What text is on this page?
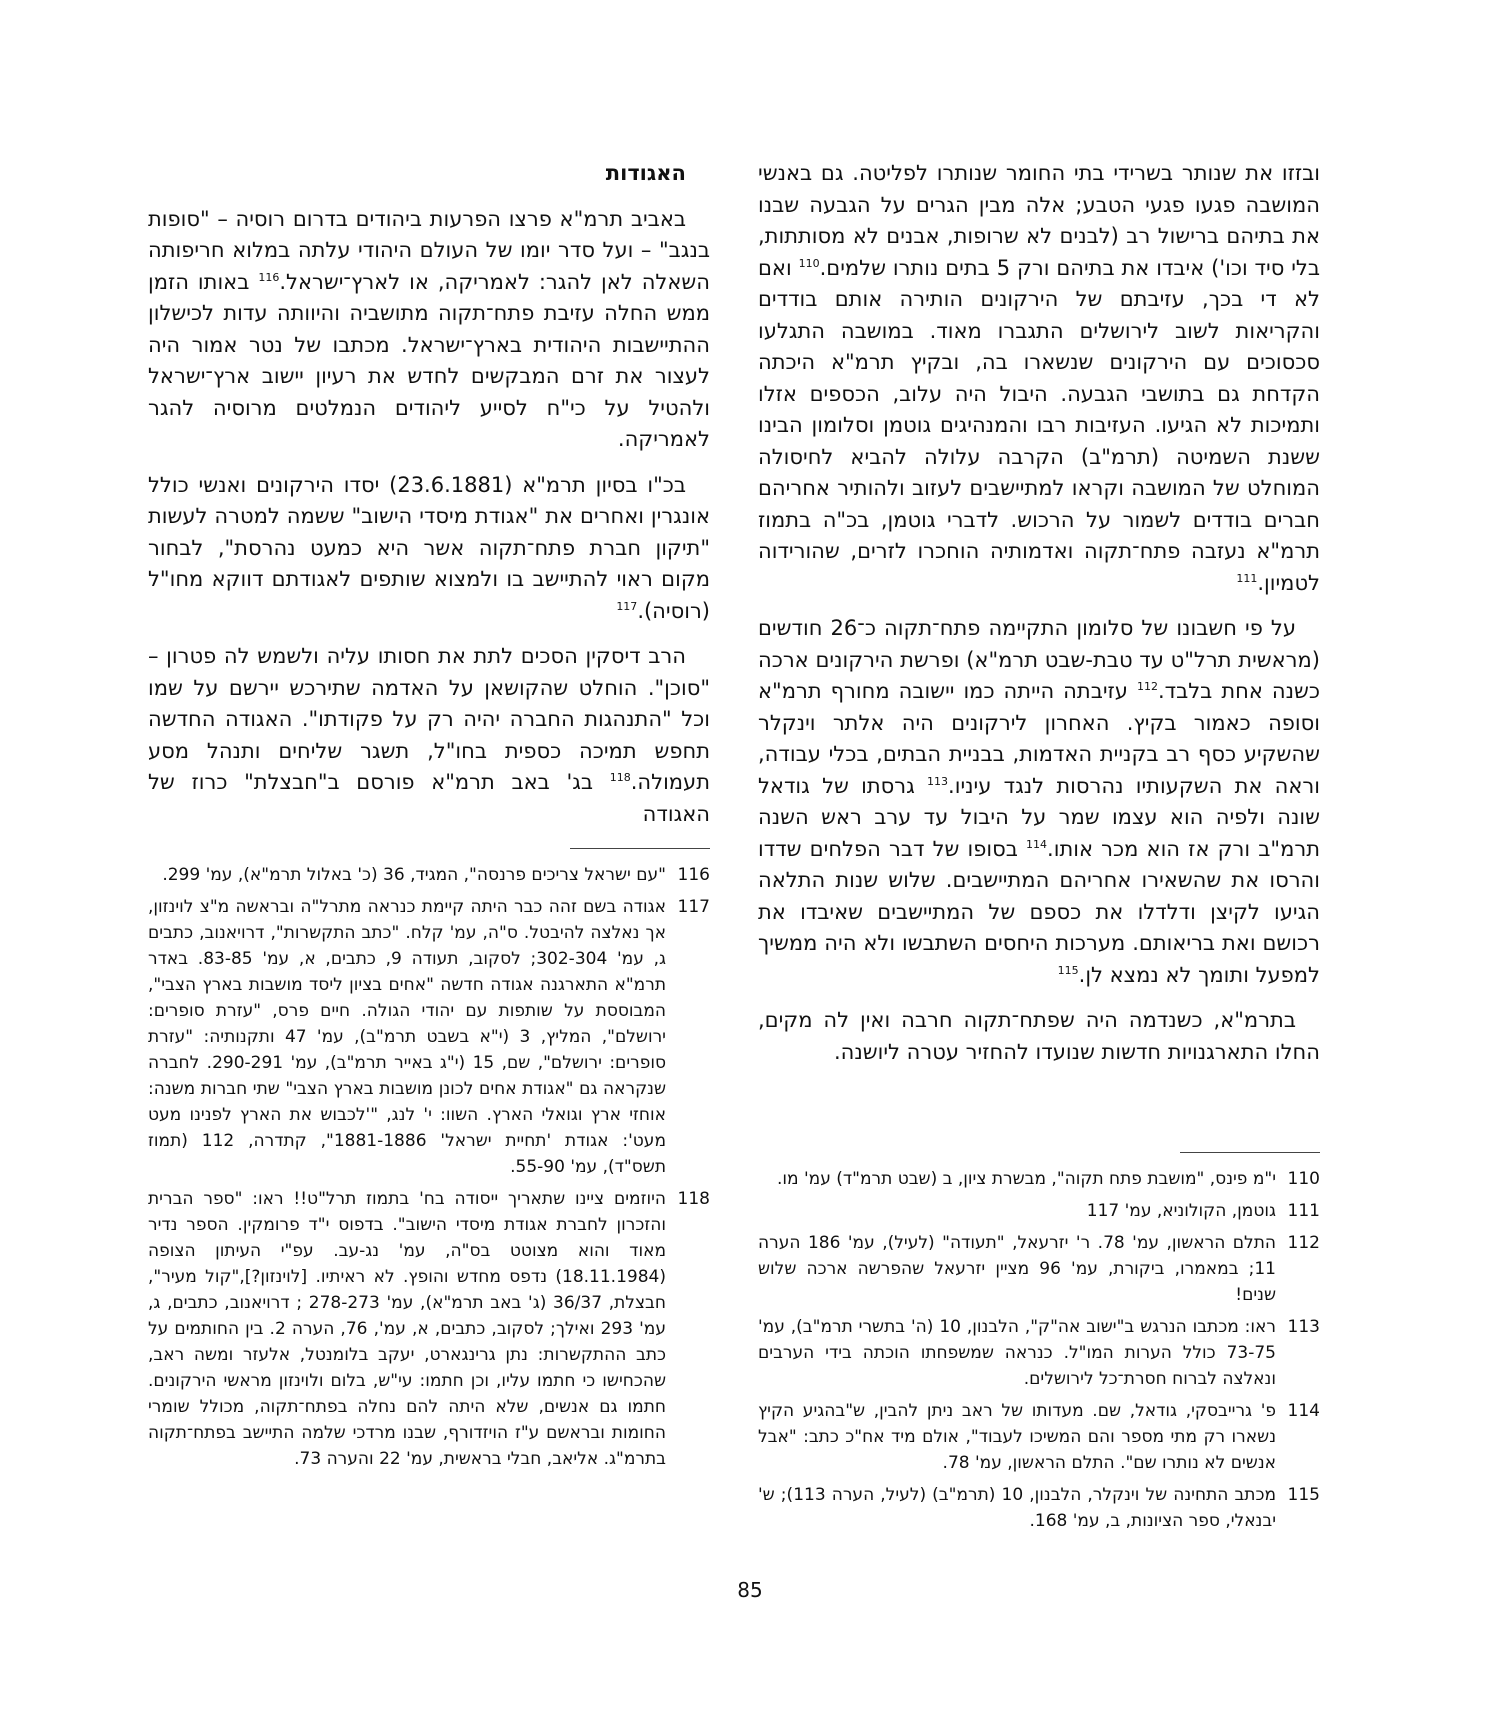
ובזזו את שנותר בשרידי בתי החומר שנותרו לפליטה. גם באנשי המושבה פגעו פגעי הטבע; אלה מבין הגרים על הגבעה שבנו את בתיהם ברישול רב (לבנים לא שרופות, אבנים לא מסותתות, בלי סיד וכו') איבדו את בתיהם ורק 5 בתים נותרו שלמים.$^{110}$ ואם לא די בכך, עזיבתם של הירקונים הותירה אותם בודדים והקריאות לשוב לירושלים התגברו מאוד. במושבה התגלעו סכסוכים עם הירקונים שנשארו בה, ובקיץ תרמ"א היכתה הקדחת גם בתושבי הגבעה. היבול היה עלוב, הכספים אזלו ותמיכות לא הגיעו. העזיבות רבו והמנהיגים גוטמן וסלומון הבינו ששנת השמיטה (תרמ"ב) הקרבה עלולה להביא לחיסולה המוחלט של המושבה וקראו למתיישבים לעזוב ולהותיר אחריהם חברים בודדים לשמור על הרכוש. לדברי גוטמן, בכ"ה בתמוז תרמ"א נעזבה פתח־תקוה ואדמותיה הוחכרו לזרים, שהורידוה לטמיון.$^{111}$

על פי חשבונו של סלומון התקיימה פתח־תקוה כ־26 חודשים (מראשית תרל"ט עד טבת-שבט תרמ"א) ופרשת הירקונים ארכה כשנה אחת בלבד.$^{112}$ עזיבתה הייתה כמו יישובה מחורף תרמ"א וסופה כאמור בקיץ. האחרון לירקונים היה אלתר וינקלר שהשקיע כסף רב בקניית האדמות, בבניית הבתים, בכלי עבודה, וראה את השקעותיו נהרסות לנגד עיניו.$^{113}$ גרסתו של גודאל שונה ולפיה הוא עצמו שמר על היבול עד ערב ראש השנה תרמ"ב ורק אז הוא מכר אותו.$^{114}$ בסופו של דבר הפלחים שדדו והרסו את שהשאירו אחריהם המתיישבים. שלוש שנות התלאה הגיעו לקיצן ודלדלו את כספם של המתיישבים שאיבדו את רכושם ואת בריאותם. מערכות היחסים השתבשו ולא היה ממשיך למפעל ותומך לא נמצא לן.$^{115}$

בתרמ"א, כשנדמה היה שפתח־תקוה חרבה ואין לה מקים, החלו התארגנויות חדשות שנועדו להחזיר עטרה ליושנה.

האגודות

באביב תרמ"א פרצו הפרעות ביהודים בדרום רוסיה – "סופות בנגב" – ועל סדר יומו של העולם היהודי עלתה במלוא חריפותה השאלה לאן להגר: לאמריקה, או לארץ־ישראל.$^{116}$ באותו הזמן ממש החלה עזיבת פתח־תקוה מתושביה והיוותה עדות לכישלון ההתיישבות היהודית בארץ־ישראל. מכתבו של נטר אמור היה לעצור את זרם המבקשים לחדש את רעיון יישוב ארץ־ישראל ולהטיל על כי"ח לסייע ליהודים הנמלטים מרוסיה להגר לאמריקה.

בכ"ו בסיון תרמ"א (23.6.1881) יסדו הירקונים ואנשי כולל אונגרין ואחרים את "אגודת מיסדי הישוב" ששמה למטרה לעשות "תיקון חברת פתח־תקוה אשר היא כמעט נהרסת", לבחור מקום ראוי להתיישב בו ולמצוא שותפים לאגודתם דווקא מחו"ל (רוסיה).$^{117}$

הרב דיסקין הסכים לתת את חסותו עליה ולשמש לה פטרון – "סוכן". הוחלט שהקושאן על האדמה שתירכש יירשם על שמו וכל "התנהגות החברה יהיה רק על פקודתו". האגודה החדשה תחפש תמיכה כספית בחו"ל, תשגר שליחים ותנהל מסע תעמולה.$^{118}$ בג' באב תרמ"א פורסם ב"חבצלת" כרוז של האגודה

116
"עם ישראל צריכים פרנסה", המגיד, 36 (כ' באלול תרמ"א), עמ' 299.
117
אגודה בשם זהה כבר היתה קיימת כנראה מתרל"ה ובראשה מ"צ לוינזון, אך נאלצה להיבטל. ס"ה, עמ' קלח. "כתב התקשרות", דרויאנוב, כתבים ג, עמ' 302-304; לסקוב, תעודה 9, כתבים, א, עמ' 83-85. באדר תרמ"א התארגנה אגודה חדשה "אחים בציון ליסד מושבות בארץ הצבי", המבוססת על שותפות עם יהודי הגולה. חיים פרס, "עזרת סופרים: ירושלם", המליץ, 3 (י"א בשבט תרמ"ב), עמ' 47 ותקנותיה: "עזרת סופרים: ירושלם", שם, 15 (י"ג באייר תרמ"ב), עמ' 290-291. לחברה שנקראה גם "אגודת אחים לכונן מושבות בארץ הצבי" שתי חברות משנה: אוחזי ארץ וגואלי הארץ. השוו: י' לנג, "'לכבוש את הארץ לפנינו מעט מעט': אגודת 'תחיית ישראל' 1881-1886", קתדרה, 112 (תמוז תשס"ד), עמ' 55-90.
118
היוזמים ציינו שתאריך ייסודה בח' בתמוז תרל"ט!! ראו: "ספר הברית והזכרון לחברת אגודת מיסדי הישוב". בדפוס י"ד פרומקין. הספר נדיר מאוד והוא מצוטט בס"ה, עמ' נג-עב. עפ"י העיתון הצופה (18.11.1984) נדפס מחדש והופץ. לא ראיתיו. [לוינזון?],"קול מעיר", חבצלת, 36/37 (ג' באב תרמ"א), עמ' 278-273 ; דרויאנוב, כתבים, ג, עמ' 293 ואילך; לסקוב, כתבים, א, עמ', 76, הערה 2. בין החותמים על כתב ההתקשרות: נתן גרינגארט, יעקב בלומנטל, אלעזר ומשה ראב, שהכחישו כי חתמו עליו, וכן חתמו: עי"ש, בלום ולוינזון מראשי הירקונים. חתמו גם אנשים, שלא היתה להם נחלה בפתח־תקוה, מכולל שומרי החומות ובראשם ע"ז הויזדורף, שבנו מרדכי שלמה התיישב בפתח־תקוה בתרמ"ג. אליאב, חבלי בראשית, עמ' 22 והערה 73.
110
י"מ פינס, "מושבת פתח תקוה", מבשרת ציון, ב (שבט תרמ"ד) עמ' מו.
111
גוטמן, הקולוניא, עמ' 117
112
התלם הראשון, עמ' 78. ר' יזרעאל, "תעודה" (לעיל), עמ' 186 הערה 11; במאמרו, ביקורת, עמ' 96 מציין יזרעאל שהפרשה ארכה שלוש שנים!
113
ראו: מכתבו הנרגש ב"ישוב אה"ק", הלבנון, 10 (ה' בתשרי תרמ"ב), עמ' 73-75 כולל הערות המו"ל. כנראה שמשפחתו הוכתה בידי הערבים ונאלצה לברוח חסרת־כל לירושלים.
114
פ' גרייבסקי, גודאל, שם. מעדותו של ראב ניתן להבין, ש"בהגיע הקיץ נשארו רק מתי מספר והם המשיכו לעבוד", אולם מיד אח"כ כתב: "אבל אנשים לא נותרו שם". התלם הראשון, עמ' 78.
115
מכתב התחינה של וינקלר, הלבנון, 10 (תרמ"ב) (לעיל, הערה 113); ש' יבנאלי, ספר הציונות, ב, עמ' 168.
85
